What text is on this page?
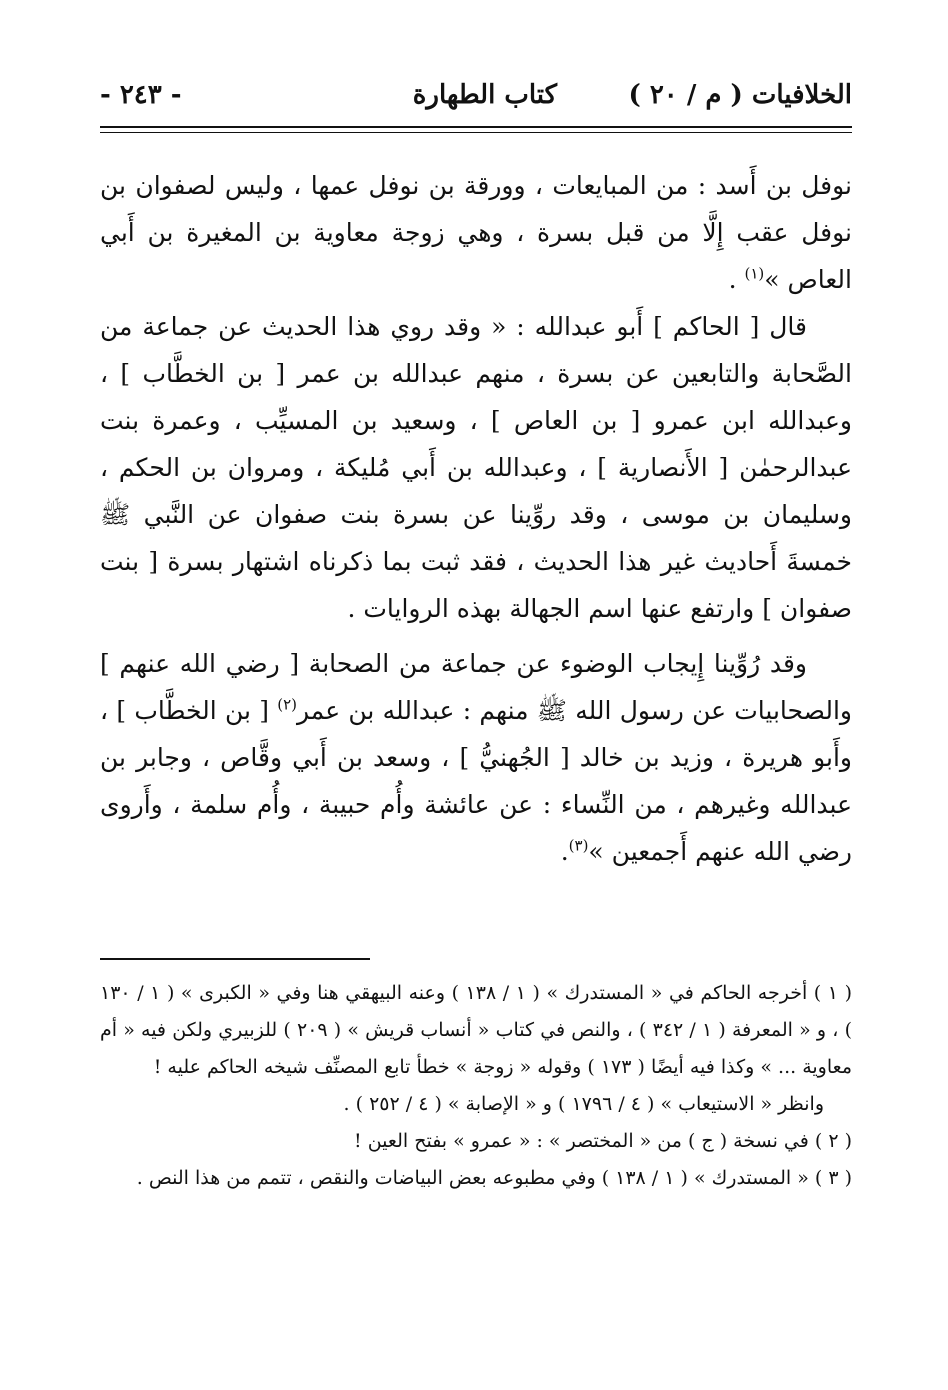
الخلافيات ( م / ٢٠ )
كتاب الطهارة
- ٢٤٣ -

نوفل بن أَسد : من المبايعات ، وورقة بن نوفل عمها ، وليس لصفوان بن نوفل عقب إِلَّا من قبل بسرة ، وهي زوجة معاوية بن المغيرة بن أَبي العاص »$^{(١)}$ .

قال [ الحاكم ] أَبو عبدالله : « وقد روي هذا الحديث عن جماعة من الصَّحابة والتابعين عن بسرة ، منهم عبدالله بن عمر [ بن الخطَّاب ] ، وعبدالله ابن عمرو [ بن العاص ] ، وسعيد بن المسيِّب ، وعمرة بنت عبدالرحمٰن [ الأَنصارية ] ، وعبدالله بن أَبي مُليكة ، ومروان بن الحكم ، وسليمان بن موسى ، وقد روِّينا عن بسرة بنت صفوان عن النَّبي ﷺ خمسةَ أَحاديث غير هذا الحديث ، فقد ثبت بما ذكرناه اشتهار بسرة [ بنت صفوان ] وارتفع عنها اسم الجهالة بهذه الروايات .

وقد رُوِّينا إِيجاب الوضوء عن جماعة من الصحابة [ رضي الله عنهم ] والصحابيات عن رسول الله ﷺ منهم : عبدالله بن عمر$^{(٢)}$ [ بن الخطَّاب ] ، وأَبو هريرة ، وزيد بن خالد [ الجُهنيُّ ] ، وسعد بن أَبي وقَّاص ، وجابر بن عبدالله وغيرهم ، من النِّساء : عن عائشة وأُم حبيبة ، وأُم سلمة ، وأَروى رضي الله عنهم أَجمعين »$^{(٣)}$.

( ١ ) أخرجه الحاكم في « المستدرك » ( ١ / ١٣٨ ) وعنه البيهقي هنا وفي « الكبرى » ( ١ / ١٣٠ ) ، و « المعرفة ( ١ / ٣٤٢ ) ، والنص في كتاب « أنساب قريش » ( ٢٠٩ ) للزبيري ولكن فيه « أم معاوية ... » وكذا فيه أيضًا ( ١٧٣ ) وقوله « زوجة » خطأ تابع المصنِّف شيخه الحاكم عليه !

وانظر « الاستيعاب » ( ٤ / ١٧٩٦ ) و « الإصابة » ( ٤ / ٢٥٢ ) .

( ٢ ) في نسخة ( ج ) من « المختصر » : « عمرو » بفتح العين !

( ٣ ) « المستدرك » ( ١ / ١٣٨ ) وفي مطبوعه بعض البياضات والنقص ، تتمم من هذا النص .
